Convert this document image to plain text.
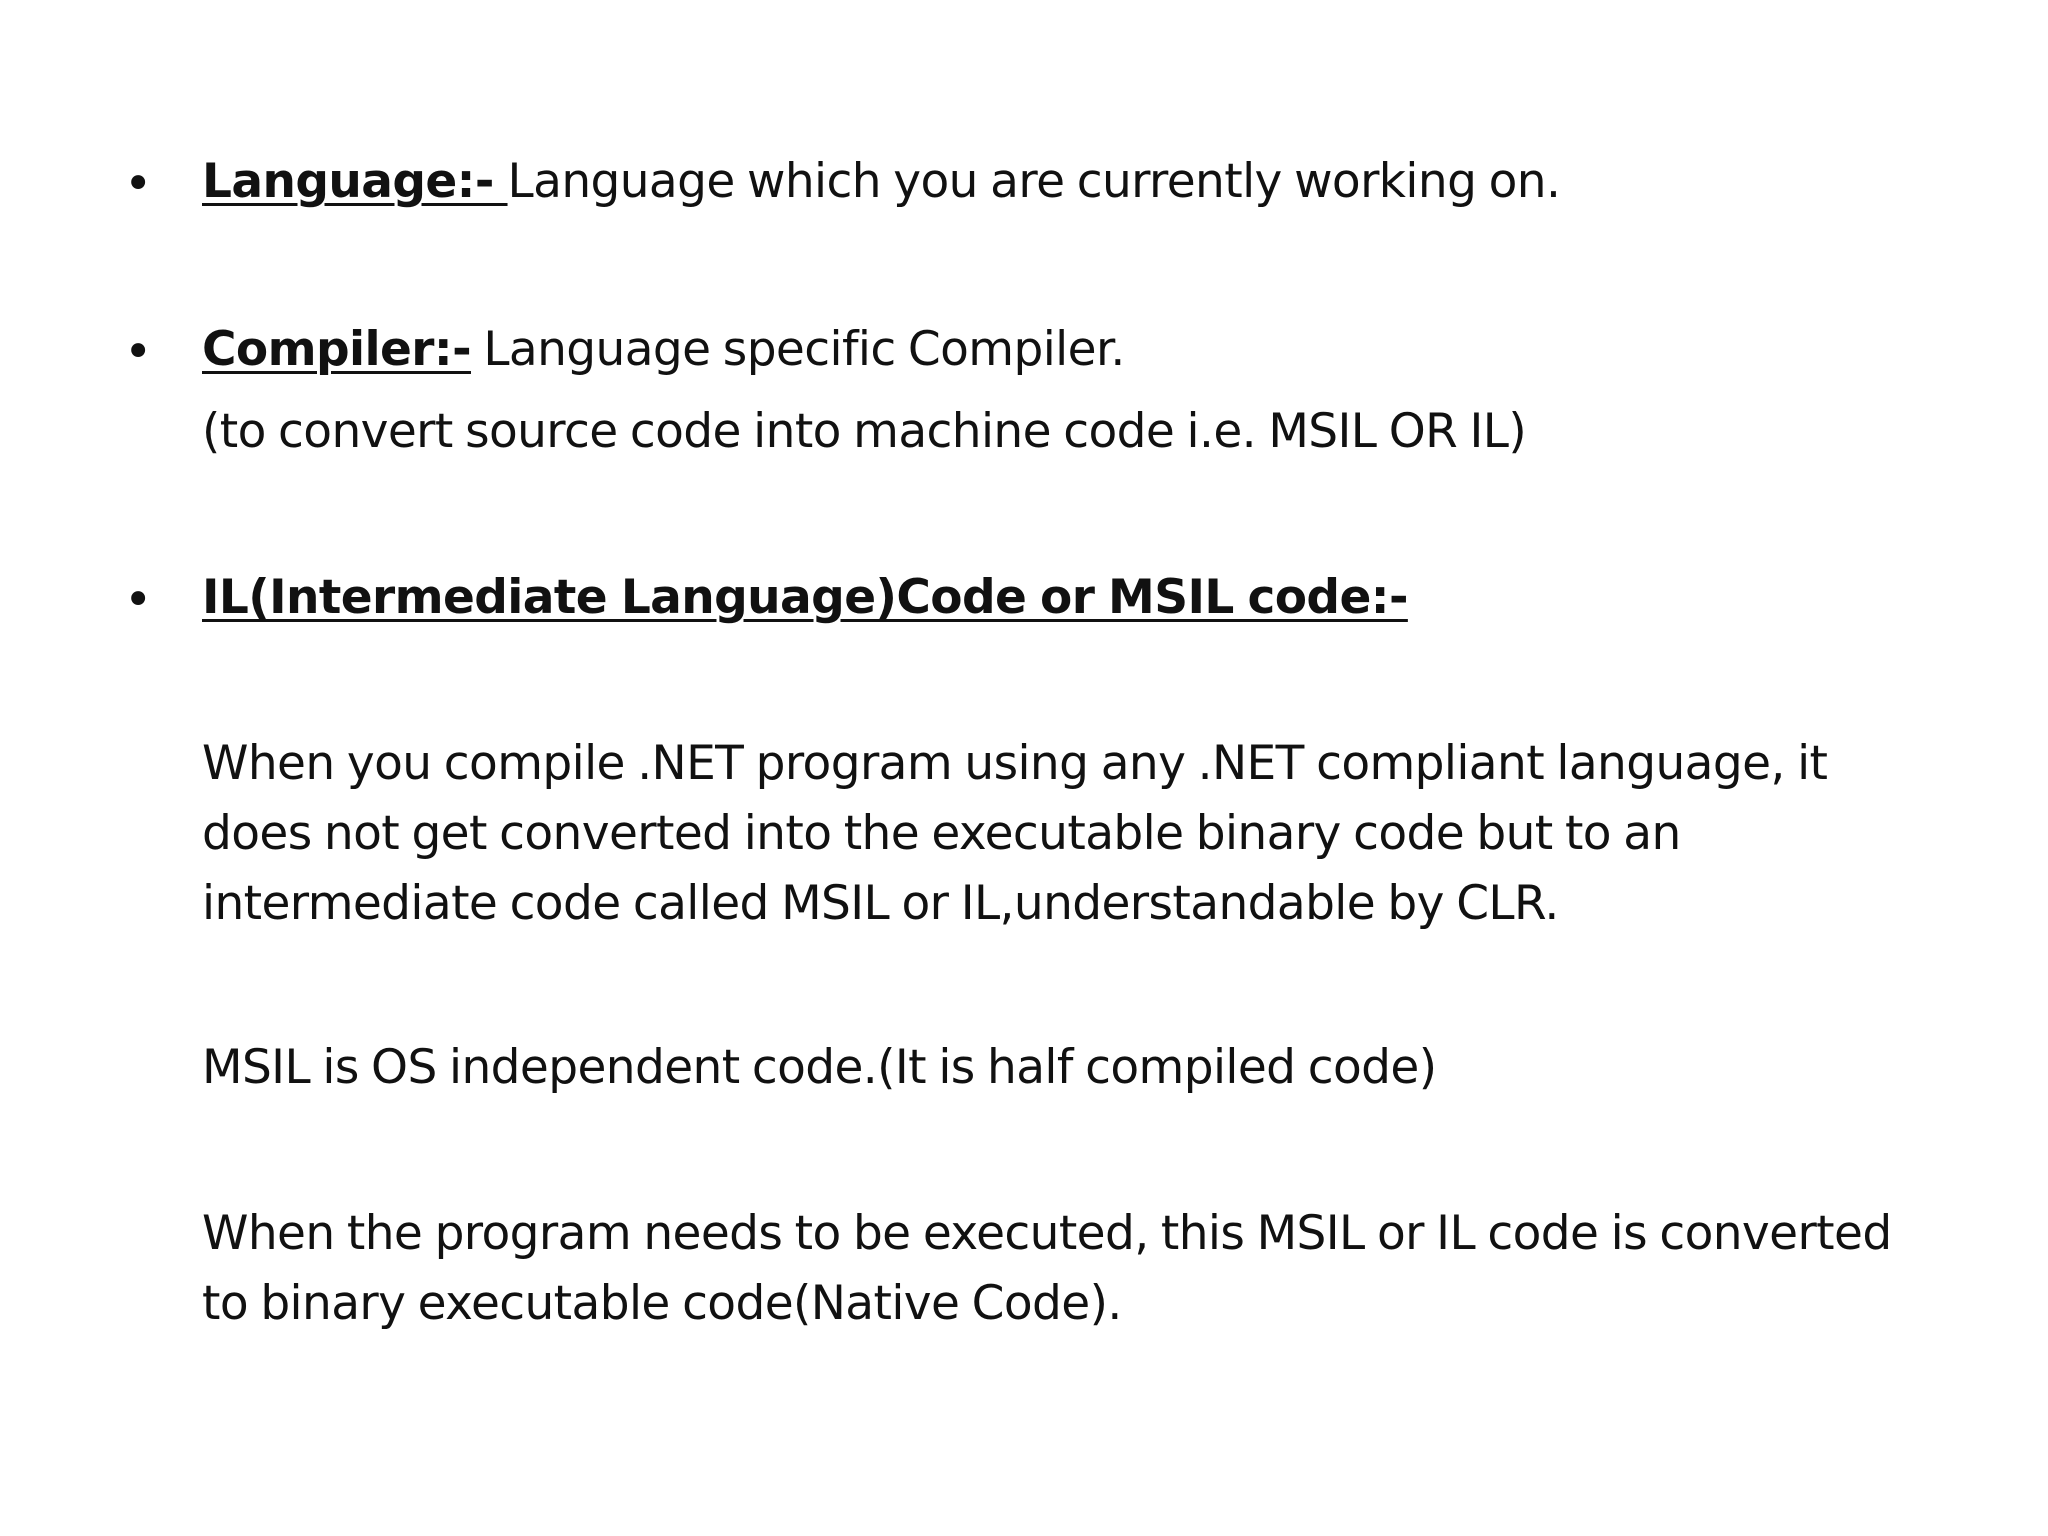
• Language:- Language which you are currently working on.
• Compiler:- Language specific Compiler.
(to convert source code into machine code i.e. MSIL OR IL)
• IL(Intermediate Language)Code or MSIL code:-
When you compile .NET program using any .NET compliant language, it
does not get converted into the executable binary code but to an
intermediate code called MSIL or IL,understandable by CLR.
MSIL is OS independent code.(It is half compiled code)
When the program needs to be executed, this MSIL or IL code is converted
to binary executable code(Native Code).
